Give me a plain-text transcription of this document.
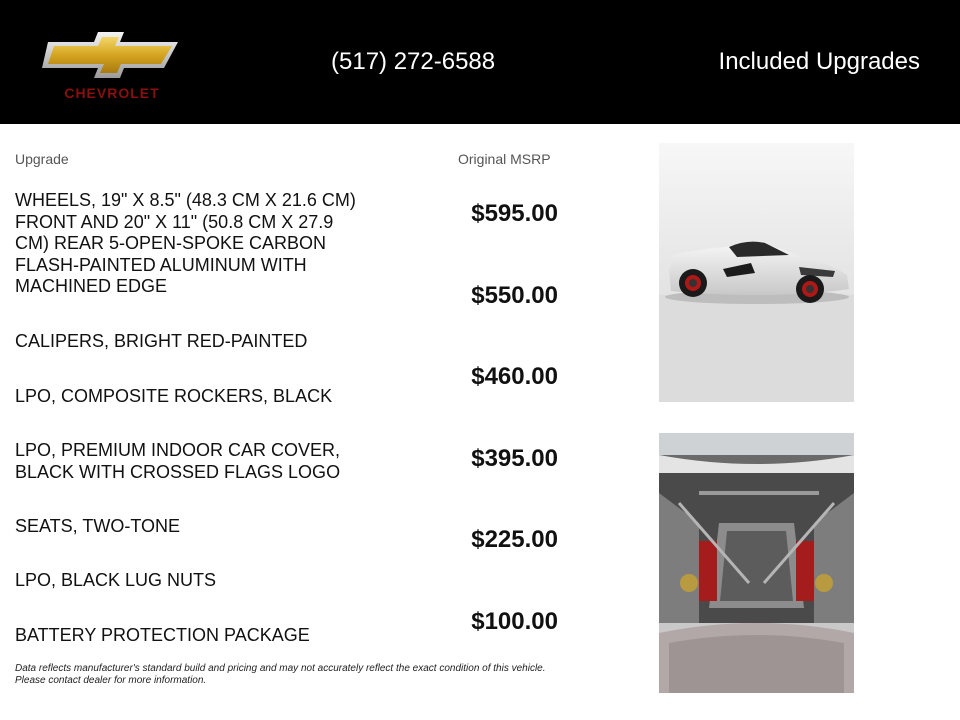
CHEVROLET
(517) 272-6588	Included Upgrades
Upgrade	Original MSRP
WHEELS, 19" X 8.5" (48.3 CM X 21.6 CM) FRONT AND 20" X 11" (50.8 CM X 27.9 CM) REAR 5-OPEN-SPOKE CARBON FLASH-PAINTED ALUMINUM WITH MACHINED EDGE
CALIPERS, BRIGHT RED-PAINTED
LPO, COMPOSITE ROCKERS, BLACK
LPO, PREMIUM INDOOR CAR COVER, BLACK WITH CROSSED FLAGS LOGO
SEATS, TWO-TONE
LPO, BLACK LUG NUTS
BATTERY PROTECTION PACKAGE
$595.00
$550.00
$460.00
$395.00
$225.00
$100.00
Data reflects manufacturer's standard build and pricing and may not accurately reflect the exact condition of this vehicle. Please contact dealer for more information.
